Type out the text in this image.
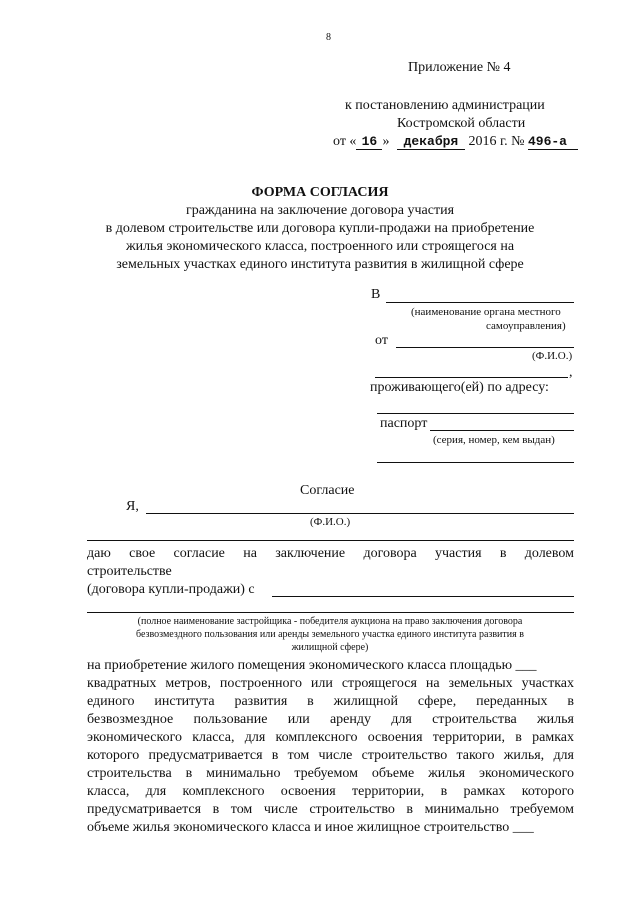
8
Приложение № 4
к постановлению администрации
Костромской области
от « 16 » декабря 2016 г. № 496-а
ФОРМА СОГЛАСИЯ
гражданина на заключение договора участия
в долевом строительстве или договора купли-продажи на приобретение
жилья экономического класса, построенного или строящегося на
земельных участках единого института развития в жилищной сфере
В
(наименование органа местного
самоуправления)
от
(Ф.И.О.)
,
проживающего(ей) по адресу:
паспорт
(серия, номер, кем выдан)
Согласие
Я,
(Ф.И.О.)
даю свое согласие на заключение договора участия в долевом
строительстве
(договора купли-продажи) с
(полное наименование застройщика - победителя аукциона на право заключения договора
безвозмездного пользования или аренды земельного участка единого института развития в
жилищной сфере)
на приобретение жилого помещения экономического класса площадью ___
квадратных метров, построенного или строящегося на земельных участках
единого института развития в жилищной сфере, переданных в
безвозмездное пользование или аренду для строительства жилья
экономического класса, для комплексного освоения территории, в рамках
которого предусматривается в том числе строительство такого жилья, для
строительства в минимально требуемом объеме жилья экономического
класса, для комплексного освоения территории, в рамках которого
предусматривается в том числе строительство в минимально требуемом
объеме жилья экономического класса и иное жилищное строительство ___
